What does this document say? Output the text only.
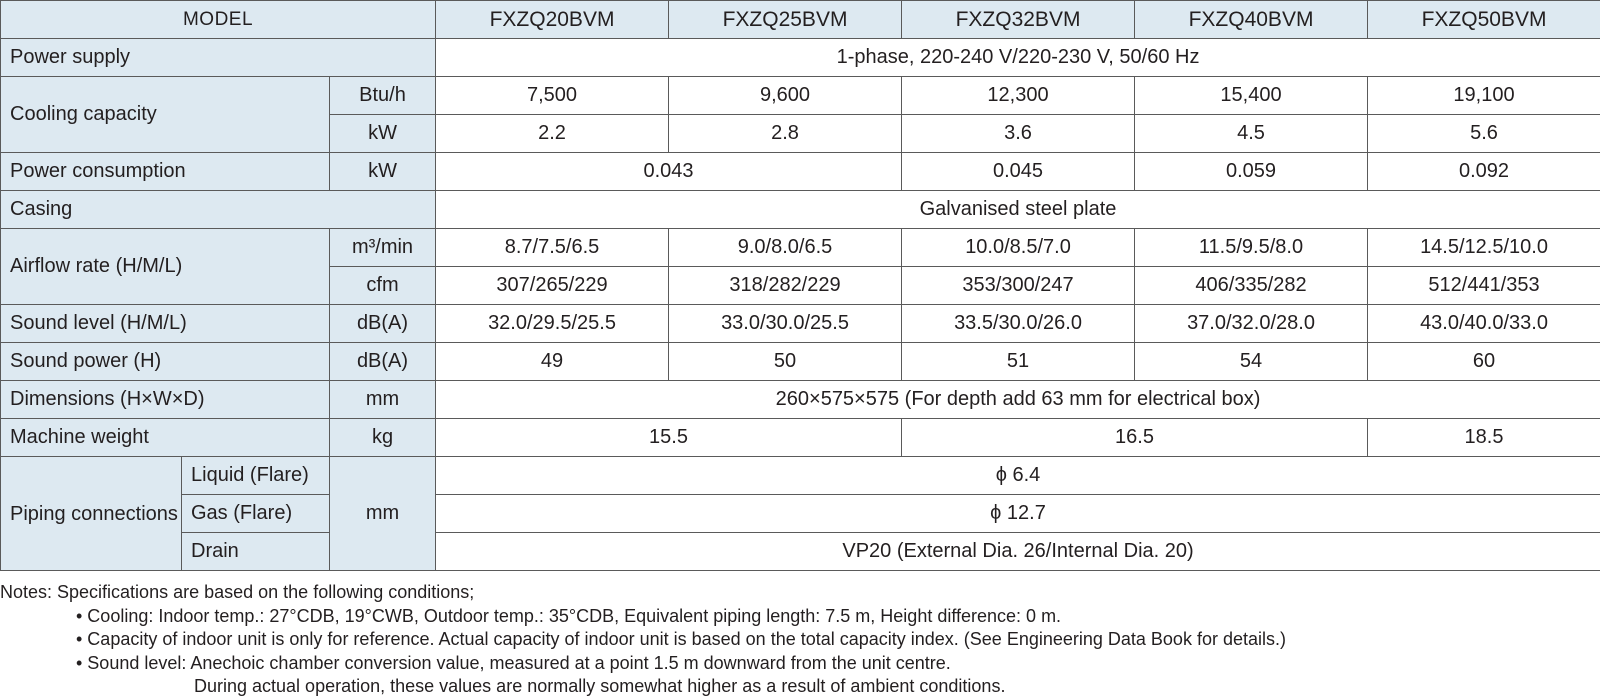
MODEL			FXZQ20BVM	FXZQ25BVM	FXZQ32BVM	FXZQ40BVM	FXZQ50BVM
Power supply			1-phase, 220-240 V/220-230 V, 50/60 Hz				
Cooling capacity		Btu/h	7,500	9,600	12,300	15,400	19,100
		kW	2.2	2.8	3.6	4.5	5.6
Power consumption		kW	0.043		0.045	0.059	0.092
Casing			Galvanised steel plate				
Airflow rate (H/M/L)		m³/min	8.7/7.5/6.5	9.0/8.0/6.5	10.0/8.5/7.0	11.5/9.5/8.0	14.5/12.5/10.0
		cfm	307/265/229	318/282/229	353/300/247	406/335/282	512/441/353
Sound level (H/M/L)		dB(A)	32.0/29.5/25.5	33.0/30.0/25.5	33.5/30.0/26.0	37.0/32.0/28.0	43.0/40.0/33.0
Sound power (H)		dB(A)	49	50	51	54	60
Dimensions (H×W×D)		mm	260×575×575 (For depth add 63 mm for electrical box)				
Machine weight		kg	15.5		16.5		18.5
Piping connections	Liquid (Flare)	mm	ϕ 6.4				
	Gas (Flare)		ϕ 12.7				
	Drain		VP20 (External Dia. 26/Internal Dia. 20)				
Notes: Specifications are based on the following conditions;
• Cooling: Indoor temp.: 27°CDB, 19°CWB, Outdoor temp.: 35°CDB, Equivalent piping length: 7.5 m, Height difference: 0 m.
• Capacity of indoor unit is only for reference. Actual capacity of indoor unit is based on the total capacity index. (See Engineering Data Book for details.)
• Sound level: Anechoic chamber conversion value, measured at a point 1.5 m downward from the unit centre.
During actual operation, these values are normally somewhat higher as a result of ambient conditions.
